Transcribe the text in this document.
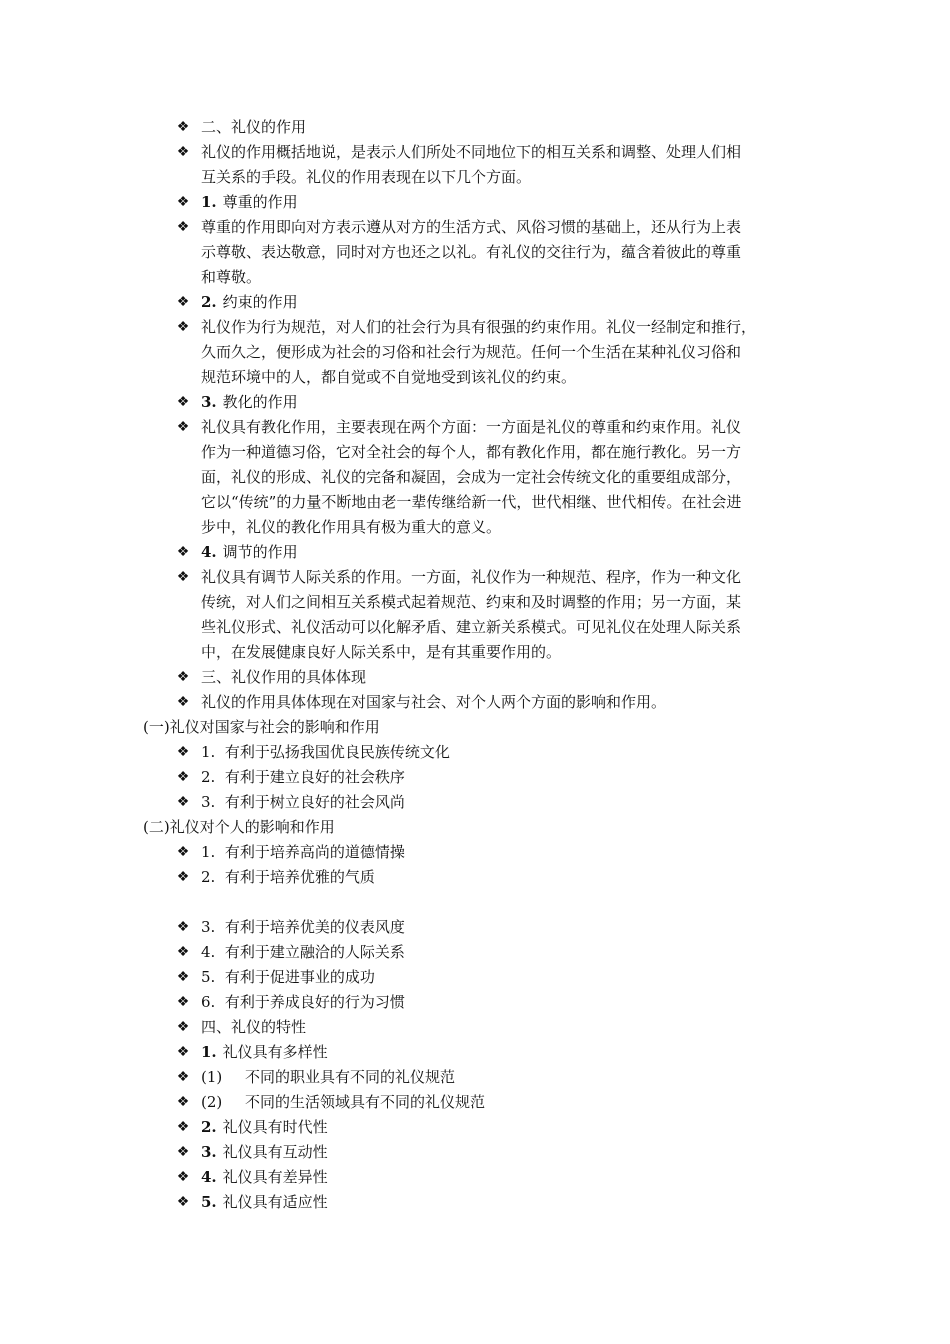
❖ 二、礼仪的作用
❖ 礼仪的作用概括地说，是表示人们所处不同地位下的相互关系和调整、处理人们相
互关系的手段。礼仪的作用表现在以下几个方面。
❖ 1. 尊重的作用
❖ 尊重的作用即向对方表示遵从对方的生活方式、风俗习惯的基础上，还从行为上表
示尊敬、表达敬意，同时对方也还之以礼。有礼仪的交往行为，蕴含着彼此的尊重
和尊敬。
❖ 2. 约束的作用
❖ 礼仪作为行为规范，对人们的社会行为具有很强的约束作用。礼仪一经制定和推行，
久而久之，便形成为社会的习俗和社会行为规范。任何一个生活在某种礼仪习俗和
规范环境中的人，都自觉或不自觉地受到该礼仪的约束。
❖ 3. 教化的作用
❖ 礼仪具有教化作用，主要表现在两个方面：一方面是礼仪的尊重和约束作用。礼仪
作为一种道德习俗，它对全社会的每个人，都有教化作用，都在施行教化。另一方
面，礼仪的形成、礼仪的完备和凝固，会成为一定社会传统文化的重要组成部分，
它以“传统”的力量不断地由老一辈传继给新一代，世代相继、世代相传。在社会进
步中，礼仪的教化作用具有极为重大的意义。
❖ 4. 调节的作用
❖ 礼仪具有调节人际关系的作用。一方面，礼仪作为一种规范、程序，作为一种文化
传统，对人们之间相互关系模式起着规范、约束和及时调整的作用；另一方面，某
些礼仪形式、礼仪活动可以化解矛盾、建立新关系模式。可见礼仪在处理人际关系
中，在发展健康良好人际关系中，是有其重要作用的。
❖ 三、礼仪作用的具体体现
❖ 礼仪的作用具体体现在对国家与社会、对个人两个方面的影响和作用。
(一)礼仪对国家与社会的影响和作用
❖ 1.  有利于弘扬我国优良民族传统文化
❖ 2.  有利于建立良好的社会秩序
❖ 3.  有利于树立良好的社会风尚
(二)礼仪对个人的影响和作用
❖ 1.  有利于培养高尚的道德情操
❖ 2.  有利于培养优雅的气质
❖ 3.  有利于培养优美的仪表风度
❖ 4.  有利于建立融洽的人际关系
❖ 5.  有利于促进事业的成功
❖ 6.  有利于养成良好的行为习惯
❖ 四、礼仪的特性
❖ 1. 礼仪具有多样性
❖ (1) 不同的职业具有不同的礼仪规范
❖ (2) 不同的生活领域具有不同的礼仪规范
❖ 2. 礼仪具有时代性
❖ 3. 礼仪具有互动性
❖ 4. 礼仪具有差异性
❖ 5. 礼仪具有适应性
